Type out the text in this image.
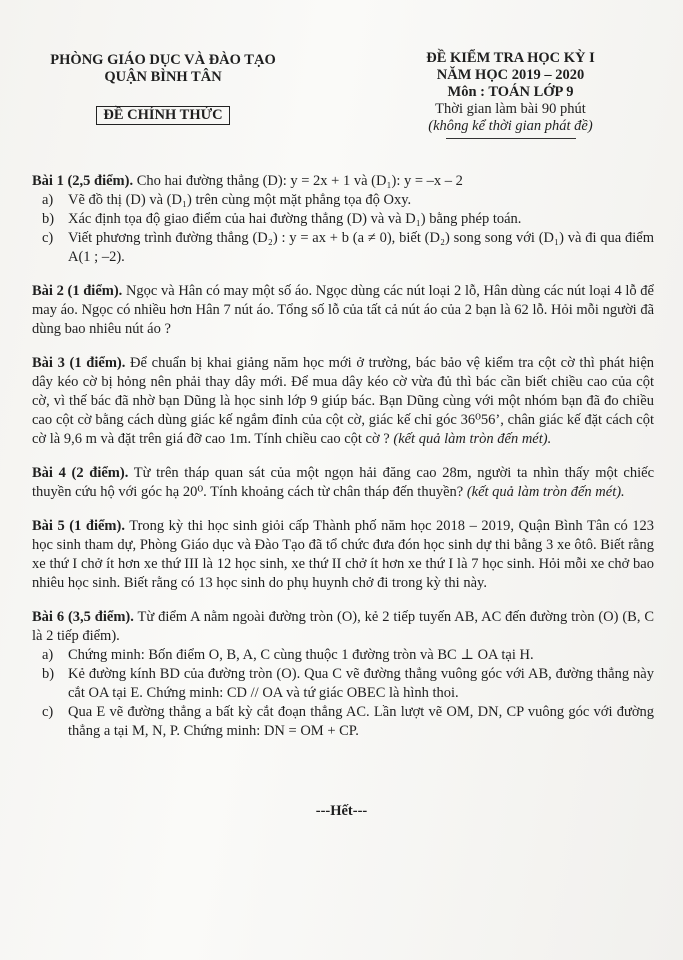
PHÒNG GIÁO DỤC VÀ ĐÀO TẠO
QUẬN BÌNH TÂN
ĐỀ CHÍNH THỨC
ĐỀ KIỂM TRA HỌC KỲ I
NĂM HỌC 2019 – 2020
Môn : TOÁN LỚP 9
Thời gian làm bài 90 phút
(không kể thời gian phát đề)
Bài 1 (2,5 điểm). Cho hai đường thẳng (D): y = 2x + 1 và (D₁): y = –x – 2
a) Vẽ đồ thị (D) và (D₁) trên cùng một mặt phẳng tọa độ Oxy.
b) Xác định tọa độ giao điểm của hai đường thẳng (D) và và D₁) bằng phép toán.
c) Viết phương trình đường thẳng (D₂) : y = ax + b (a ≠ 0), biết (D₂) song song với (D₁) và đi qua điểm A(1 ; –2).
Bài 2 (1 điểm). Ngọc và Hân có may một số áo. Ngọc dùng các nút loại 2 lỗ, Hân dùng các nút loại 4 lỗ để may áo. Ngọc có nhiều hơn Hân 7 nút áo. Tổng số lỗ của tất cả nút áo của 2 bạn là 62 lỗ. Hỏi mỗi người đã dùng bao nhiêu nút áo ?
Bài 3 (1 điểm). Để chuẩn bị khai giảng năm học mới ở trường, bác bảo vệ kiểm tra cột cờ thì phát hiện dây kéo cờ bị hỏng nên phải thay dây mới. Để mua dây kéo cờ vừa đủ thì bác cần biết chiều cao của cột cờ, vì thế bác đã nhờ bạn Dũng là học sinh lớp 9 giúp bác. Bạn Dũng cùng với một nhóm bạn đã đo chiều cao cột cờ bằng cách dùng giác kế ngắm đỉnh của cột cờ, giác kế chỉ góc 36⁰56’, chân giác kế đặt cách cột cờ là 9,6 m và đặt trên giá đỡ cao 1m. Tính chiều cao cột cờ ? (kết quả làm tròn đến mét).
Bài 4 (2 điểm). Từ trên tháp quan sát của một ngọn hải đăng cao 28m, người ta nhìn thấy một chiếc thuyền cứu hộ với góc hạ 20⁰. Tính khoảng cách từ chân tháp đến thuyền? (kết quả làm tròn đến mét).
Bài 5 (1 điểm). Trong kỳ thi học sinh giỏi cấp Thành phố năm học 2018 – 2019, Quận Bình Tân có 123 học sinh tham dự, Phòng Giáo dục và Đào Tạo đã tổ chức đưa đón học sinh dự thi bằng 3 xe ôtô. Biết rằng xe thứ I chở ít hơn xe thứ III là 12 học sinh, xe thứ II chở ít hơn xe thứ I là 7 học sinh. Hỏi mỗi xe chở bao nhiêu học sinh. Biết rằng có 13 học sinh do phụ huynh chở đi trong kỳ thi này.
Bài 6 (3,5 điểm). Từ điểm A nằm ngoài đường tròn (O), kẻ 2 tiếp tuyến AB, AC đến đường tròn (O) (B, C là 2 tiếp điểm).
a) Chứng minh: Bốn điểm O, B, A, C cùng thuộc 1 đường tròn và BC ⊥ OA tại H.
b) Kẻ đường kính BD của đường tròn (O). Qua C vẽ đường thẳng vuông góc với AB, đường thẳng này cắt OA tại E. Chứng minh: CD // OA và tứ giác OBEC là hình thoi.
c) Qua E vẽ đường thẳng a bất kỳ cắt đoạn thẳng AC. Lần lượt vẽ OM, DN, CP vuông góc với đường thẳng a tại M, N, P. Chứng minh: DN = OM + CP.
---Hết---
